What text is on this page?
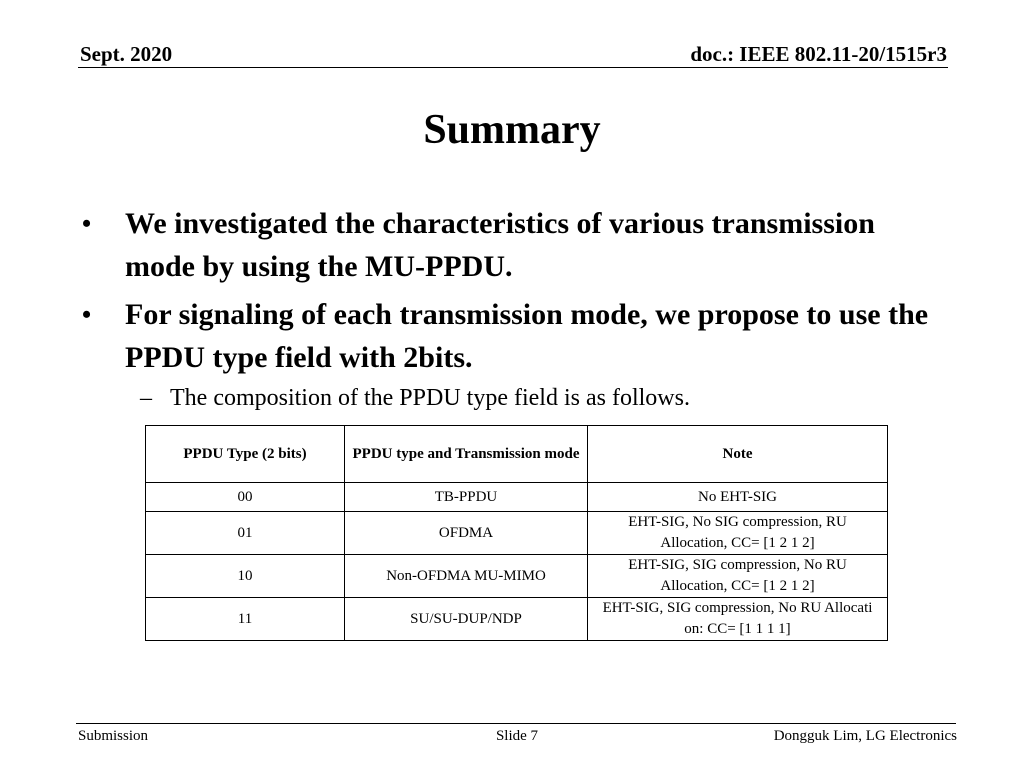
Sept. 2020	doc.: IEEE 802.11-20/1515r3
Summary
•	We investigated the characteristics of various transmission mode by using the MU-PPDU.
•	For signaling of each transmission mode, we propose to use the PPDU type field with 2bits.
– The composition of the PPDU type field is as follows.
PPDU Type (2 bits)	PPDU type and Transmission mode	Note
00	TB-PPDU	No EHT-SIG
01	OFDMA	EHT-SIG, No SIG compression, RU Allocation, CC= [1 2 1 2]
10	Non-OFDMA MU-MIMO	EHT-SIG, SIG compression, No RU Allocation, CC= [1 2 1 2]
11	SU/SU-DUP/NDP	EHT-SIG, SIG compression, No RU Allocati on: CC= [1 1 1 1]
Submission	Slide 7	Dongguk Lim, LG Electronics
